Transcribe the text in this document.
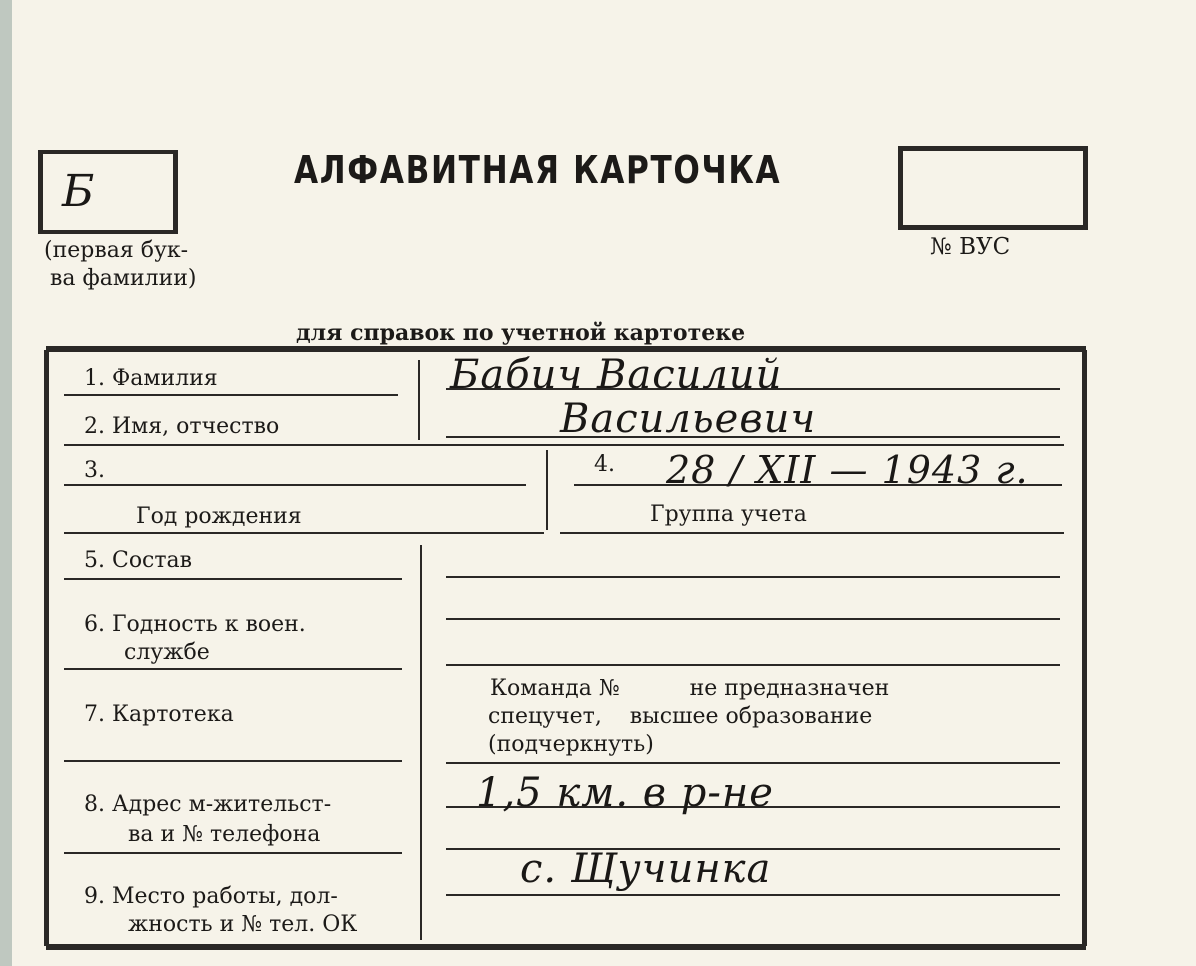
Б
(первая бук-
ва фамилии)
АЛФАВИТНАЯ КАРТОЧКА
№ ВУС
для справок по учетной картотеке
1. Фамилия	Бабич Василий
2. Имя, отчество	Васильевич
3.
Год рождения
4. 28 / XII — 1943 г.
Группа учета
5. Состав
6. Годность к воен.
службе
7. Картотека
Команда №          не предназначен
спецучет,    высшее образование
(подчеркнуть)
8. Адрес м-жительст-
ва и № телефона
1,5 км. в р-не
с. Щучинка
9. Место работы, дол-
жность и № тел. ОК
